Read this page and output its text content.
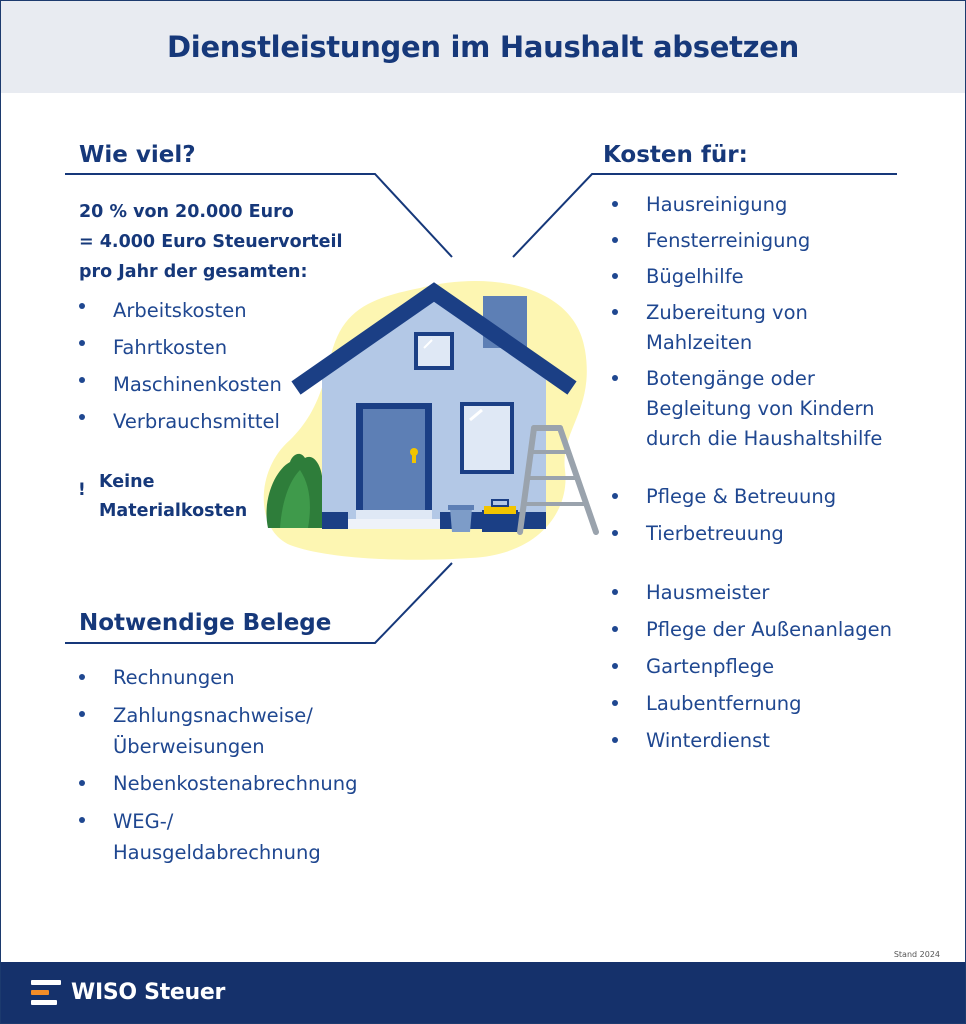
Dienstleistungen im Haushalt absetzen
Wie viel?
20 % von 20.000 Euro
= 4.000 Euro Steuervorteil
pro Jahr der gesamten:
Arbeitskosten
Fahrtkosten
Maschinenkosten
Verbrauchsmittel
! Keine
Materialkosten
Notwendige Belege
Rechnungen
Zahlungsnachweise/
Überweisungen
Nebenkostenabrechnung
WEG-/
Hausgeldabrechnung
Kosten für:
Hausreinigung
Fensterreinigung
Bügelhilfe
Zubereitung von
Mahlzeiten
Botengänge oder
Begleitung von Kindern
durch die Haushaltshilfe
Pflege & Betreuung
Tierbetreuung
Hausmeister
Pflege der Außenanlagen
Gartenpflege
Laubentfernung
Winterdienst
Stand 2024
WISO Steuer
